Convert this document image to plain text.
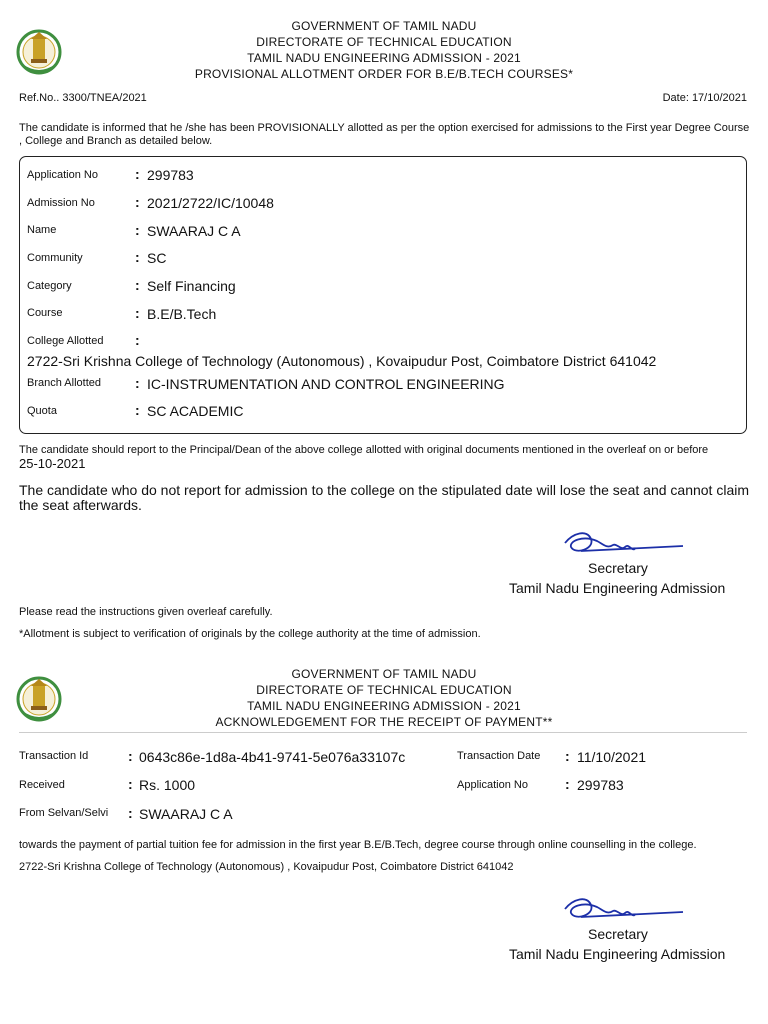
GOVERNMENT OF TAMIL NADU
DIRECTORATE OF TECHNICAL EDUCATION
TAMIL NADU ENGINEERING ADMISSION - 2021
PROVISIONAL ALLOTMENT ORDER FOR B.E/B.TECH COURSES*
Ref.No.. 3300/TNEA/2021	Date: 17/10/2021
The candidate is informed that he /she has been PROVISIONALLY allotted as per the option exercised for admissions to the First year Degree Course , College and Branch as detailed below.
Application No	: 299783
Admission No	: 2021/2722/IC/10048
Name	: SWAARAJ C A
Community	: SC
Category	: Self Financing
Course	: B.E/B.Tech
College Allotted :
2722-Sri Krishna College of Technology (Autonomous) , Kovaipudur Post, Coimbatore District 641042
Branch Allotted : IC-INSTRUMENTATION AND CONTROL ENGINEERING
Quota	: SC ACADEMIC
The candidate should report to the Principal/Dean of the above college allotted with original documents mentioned in the overleaf on or before
25-10-2021
The candidate who do not report for admission to the college on the stipulated date will lose the seat and cannot claim the seat afterwards.
Secretary
Tamil Nadu Engineering Admission
Please read the instructions given overleaf carefully.
*Allotment is subject to verification of originals by the college authority at the time of admission.
GOVERNMENT OF TAMIL NADU
DIRECTORATE OF TECHNICAL EDUCATION
TAMIL NADU ENGINEERING ADMISSION - 2021
ACKNOWLEDGEMENT FOR THE RECEIPT OF PAYMENT**
Transaction Id	: 0643c86e-1d8a-4b41-9741-5e076a33107c	Transaction Date : 11/10/2021
Received	: Rs. 1000	Application No	: 299783
From Selvan/Selvi : SWAARAJ C A
towards the payment of partial tuition fee for admission in the first year B.E/B.Tech, degree course through online counselling in the college.
2722-Sri Krishna College of Technology (Autonomous) , Kovaipudur Post, Coimbatore District 641042
Secretary
Tamil Nadu Engineering Admission
